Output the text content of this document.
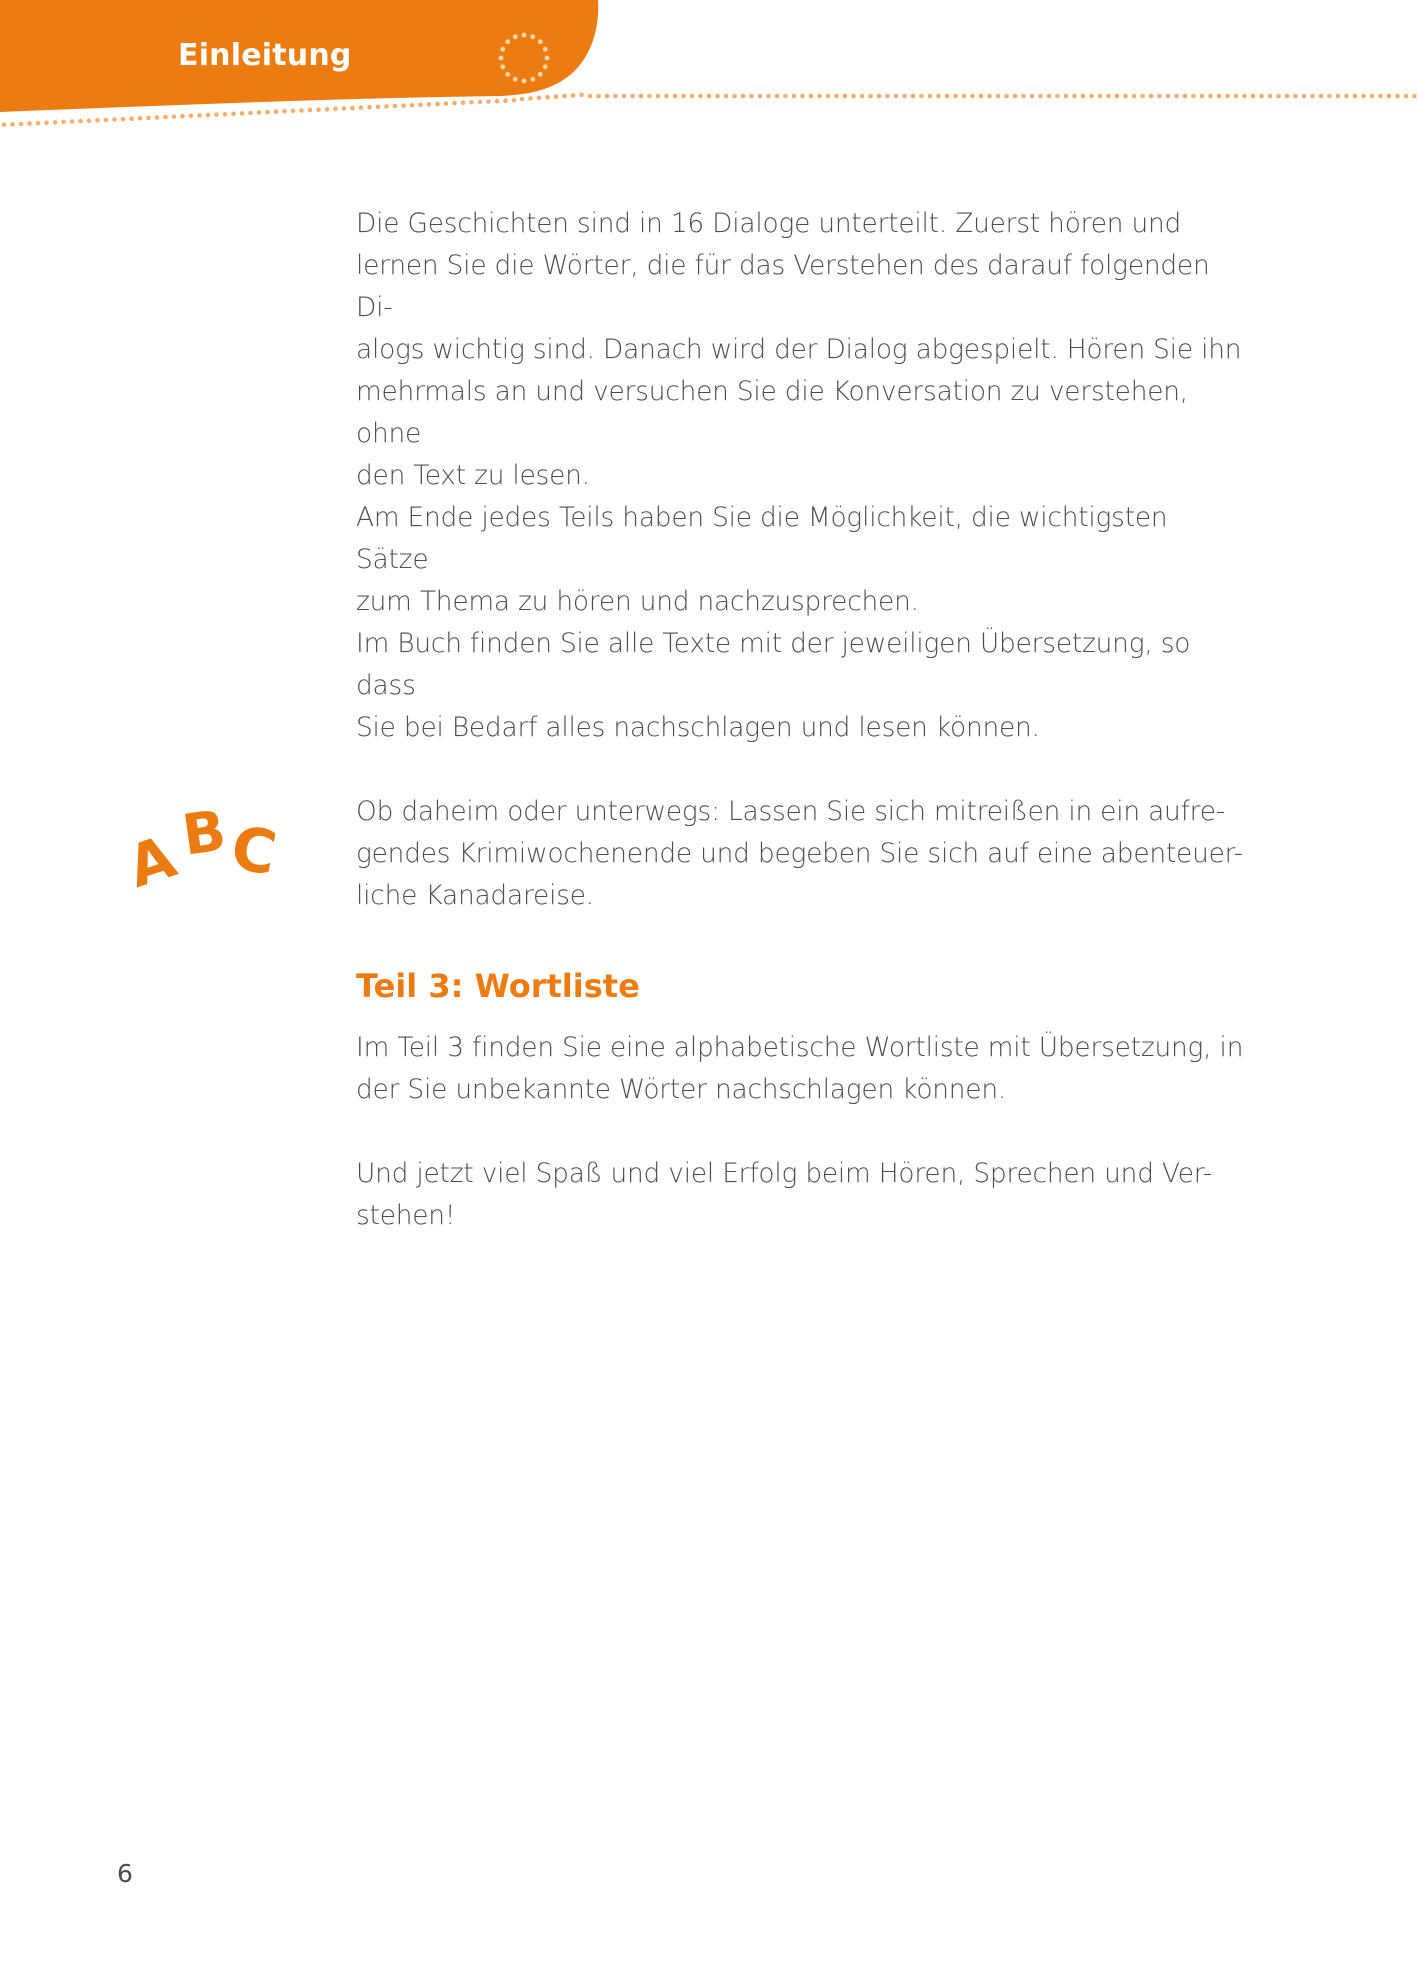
Einleitung
A
B
C

Die Geschichten sind in 16 Dialoge unterteilt. Zuerst hören und

lernen Sie die Wörter, die für das Verstehen des darauf folgenden Di-

alogs wichtig sind. Danach wird der Dialog abgespielt. Hören Sie ihn

mehrmals an und versuchen Sie die Konversation zu verstehen, ohne

den Text zu lesen.

Am Ende jedes Teils haben Sie die Möglichkeit, die wichtigsten Sätze

zum Thema zu hören und nachzusprechen.

Im Buch finden Sie alle Texte mit der jeweiligen Übersetzung, so dass

Sie bei Bedarf alles nachschlagen und lesen können.

Ob daheim oder unterwegs: Lassen Sie sich mitreißen in ein aufre-

gendes Krimiwochenende und begeben Sie sich auf eine abenteuer-

liche Kanadareise.

Teil 3: Wortliste

Im Teil 3 finden Sie eine alphabetische Wortliste mit Übersetzung, in

der Sie unbekannte Wörter nachschlagen können.

Und jetzt viel Spaß und viel Erfolg beim Hören, Sprechen und Ver-

stehen!

6
